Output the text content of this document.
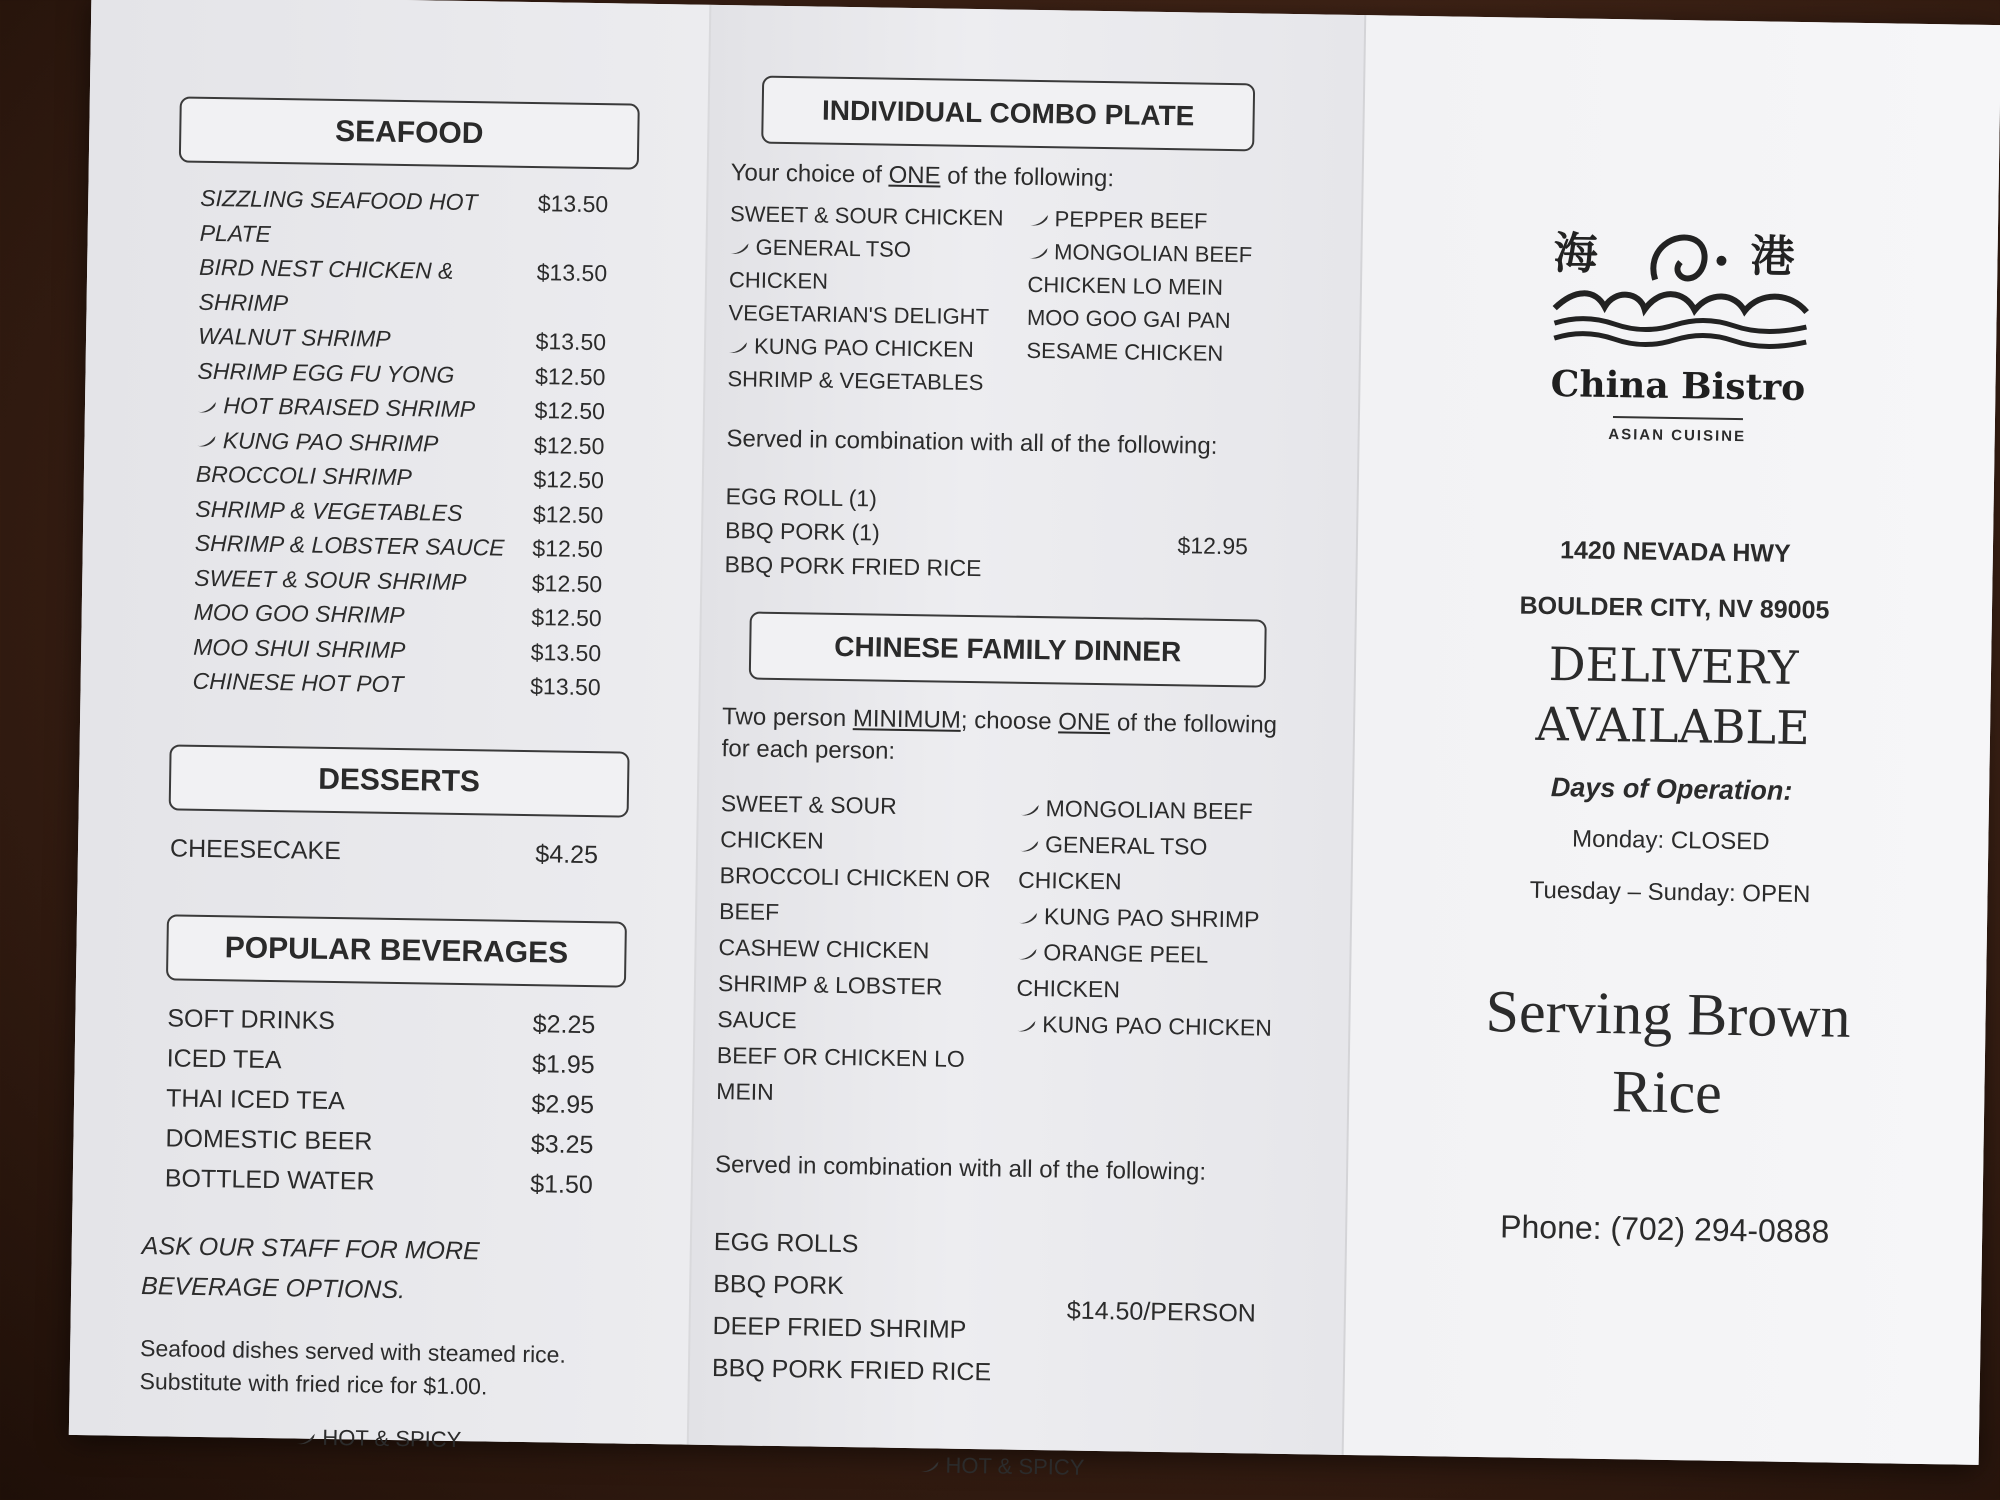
SEAFOOD
SIZZLING SEAFOOD HOT PLATE
$13.50
BIRD NEST CHICKEN & SHRIMP
$13.50
WALNUT SHRIMP	$13.50
SHRIMP EGG FU YONG	$12.50
HOT BRAISED SHRIMP	$12.50
KUNG PAO SHRIMP	$12.50
BROCCOLI SHRIMP	$12.50
SHRIMP & VEGETABLES	$12.50
SHRIMP & LOBSTER SAUCE $12.50
SWEET & SOUR SHRIMP	$12.50
MOO GOO SHRIMP	$12.50
MOO SHUI SHRIMP	$13.50
CHINESE HOT POT	$13.50
DESSERTS
CHEESECAKE	$4.25
POPULAR BEVERAGES
SOFT DRINKS	$2.25
ICED TEA	$1.95
THAI ICED TEA	$2.95
DOMESTIC BEER	$3.25
BOTTLED WATER	$1.50
ASK OUR STAFF FOR MORE BEVERAGE OPTIONS.
Seafood dishes served with steamed rice. Substitute with fried rice for $1.00.
HOT & SPICY
INDIVIDUAL COMBO PLATE
Your choice of ONE of the following:
SWEET & SOUR CHICKEN
GENERAL TSO CHICKEN
VEGETARIAN'S DELIGHT
KUNG PAO CHICKEN
SHRIMP & VEGETABLES
PEPPER BEEF
MONGOLIAN BEEF
CHICKEN LO MEIN
MOO GOO GAI PAN
SESAME CHICKEN
Served in combination with all of the following:
EGG ROLL (1)
BBQ PORK (1)
BBQ PORK FRIED RICE
$12.95
CHINESE FAMILY DINNER
Two person MINIMUM; choose ONE of the following for each person:
SWEET & SOUR CHICKEN
BROCCOLI CHICKEN OR BEEF
CASHEW CHICKEN
SHRIMP & LOBSTER SAUCE
BEEF OR CHICKEN LO MEIN
MONGOLIAN BEEF
GENERAL TSO CHICKEN
KUNG PAO SHRIMP
ORANGE PEEL CHICKEN
KUNG PAO CHICKEN
Served in combination with all of the following:
EGG ROLLS
BBQ PORK
DEEP FRIED SHRIMP
BBQ PORK FRIED RICE
$14.50/PERSON
HOT & SPICY
海	港
China Bistro
ASIAN CUISINE
1420 NEVADA HWY
BOULDER CITY, NV 89005
DELIVERY
AVAILABLE
Days of Operation:
Monday: CLOSED
Tuesday – Sunday: OPEN
Serving Brown
Rice
Phone: (702) 294-0888
